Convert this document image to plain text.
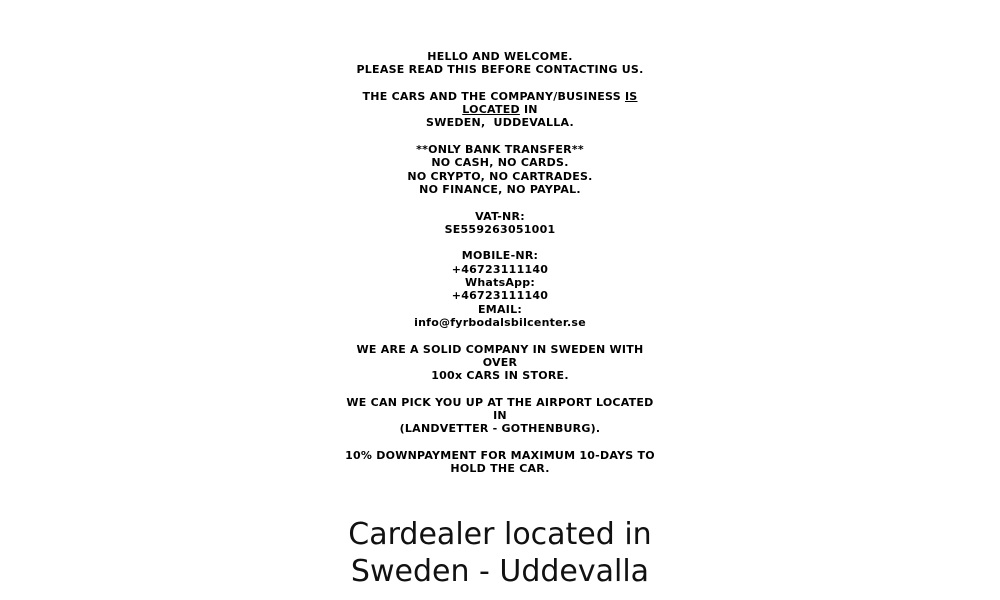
HELLO AND WELCOME.
PLEASE READ THIS BEFORE CONTACTING US.
THE CARS AND THE COMPANY/BUSINESS IS
LOCATED IN
SWEDEN,  UDDEVALLA.
**ONLY BANK TRANSFER**
NO CASH, NO CARDS.
NO CRYPTO, NO CARTRADES.
NO FINANCE, NO PAYPAL.
VAT-NR:
SE559263051001
MOBILE-NR:
+46723111140
WhatsApp:
+46723111140
EMAIL:
info@fyrbodalsbilcenter.se
WE ARE A SOLID COMPANY IN SWEDEN WITH
OVER
100x CARS IN STORE.
WE CAN PICK YOU UP AT THE AIRPORT LOCATED
IN
(LANDVETTER - GOTHENBURG).
10% DOWNPAYMENT FOR MAXIMUM 10-DAYS TO
HOLD THE CAR.
Cardealer located in
Sweden - Uddevalla
